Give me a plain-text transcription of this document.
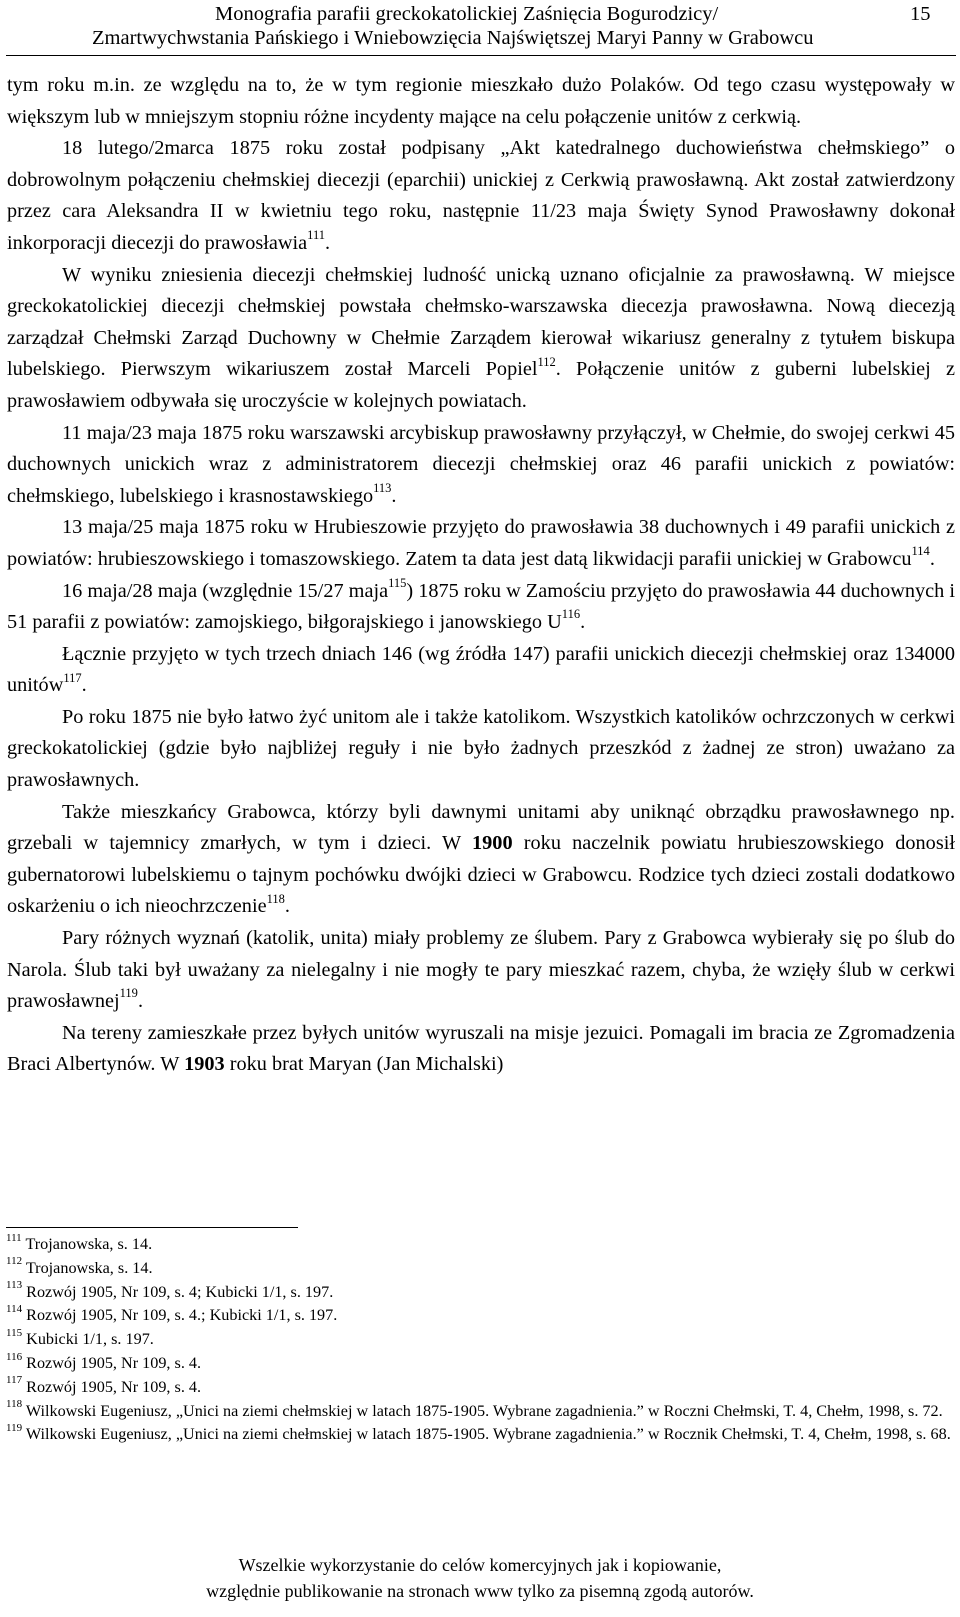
Monografia parafii greckokatolickiej Zaśnięcia Bogurodzicy/
Zmartwychwstania Pańskiego i Wniebowzięcia Najświętszej Maryi Panny w Grabowcu
15

tym roku m.in. ze względu na to, że w tym regionie mieszkało dużo Polaków. Od tego czasu występowały w większym lub w mniejszym stopniu różne incydenty mające na celu połączenie unitów z cerkwią.

18 lutego/2marca 1875 roku został podpisany „Akt katedralnego duchowieństwa chełmskiego” o dobrowolnym połączeniu chełmskiej diecezji (eparchii) unickiej z Cerkwią prawosławną. Akt został zatwierdzony przez cara Aleksandra II w kwietniu tego roku, następnie 11/23 maja Święty Synod Prawosławny dokonał inkorporacji diecezji do prawosławia$^{111}$.

W wyniku zniesienia diecezji chełmskiej ludność unicką uznano oficjalnie za prawosławną. W miejsce greckokatolickiej diecezji chełmskiej powstała chełmsko-warszawska diecezja prawosławna. Nową diecezją zarządzał Chełmski Zarząd Duchowny w Chełmie Zarządem kierował wikariusz generalny z tytułem biskupa lubelskiego. Pierwszym wikariuszem został Marceli Popiel$^{112}$. Połączenie unitów z guberni lubelskiej z prawosławiem odbywała się uroczyście w kolejnych powiatach.

11 maja/23 maja 1875 roku warszawski arcybiskup prawosławny przyłączył, w Chełmie, do swojej cerkwi 45 duchownych unickich wraz z administratorem diecezji chełmskiej oraz 46 parafii unickich z powiatów: chełmskiego, lubelskiego i krasnostawskiego$^{113}$.

13 maja/25 maja 1875 roku w Hrubieszowie przyjęto do prawosławia 38 duchownych i 49 parafii unickich z powiatów: hrubieszowskiego i tomaszowskiego. Zatem ta data jest datą likwidacji parafii unickiej w Grabowcu$^{114}$.

16 maja/28 maja (względnie 15/27 maja$^{115}$) 1875 roku w Zamościu przyjęto do prawosławia 44 duchownych i 51 parafii z powiatów: zamojskiego, biłgorajskiego i janowskiego $U^{116}$.

Łącznie przyjęto w tych trzech dniach 146 (wg źródła 147) parafii unickich diecezji chełmskiej oraz 134000 unitów$^{117}$.

Po roku 1875 nie było łatwo żyć unitom ale i także katolikom. Wszystkich katolików ochrzczonych w cerkwi greckokatolickiej (gdzie było najbliżej reguły i nie było żadnych przeszkód z żadnej ze stron) uważano za prawosławnych.

Także mieszkańcy Grabowca, którzy byli dawnymi unitami aby uniknąć obrządku prawosławnego np. grzebali w tajemnicy zmarłych, w tym i dzieci. W 1900 roku naczelnik powiatu hrubieszowskiego donosił gubernatorowi lubelskiemu o tajnym pochówku dwójki dzieci w Grabowcu. Rodzice tych dzieci zostali dodatkowo oskarżeniu o ich nieochrzczenie$^{118}$.

Pary różnych wyznań (katolik, unita) miały problemy ze ślubem. Pary z Grabowca wybierały się po ślub do Narola. Ślub taki był uważany za nielegalny i nie mogły te pary mieszkać razem, chyba, że wzięły ślub w cerkwi prawosławnej$^{119}$.

Na tereny zamieszkałe przez byłych unitów wyruszali na misje jezuici. Pomagali im bracia ze Zgromadzenia Braci Albertynów. W 1903 roku brat Maryan (Jan Michalski)

$^{111}$ Trojanowska, s. 14.

$^{112}$ Trojanowska, s. 14.

$^{113}$ Rozwój 1905, Nr 109, s. 4; Kubicki 1/1, s. 197.

$^{114}$ Rozwój 1905, Nr 109, s. 4.; Kubicki 1/1, s. 197.

$^{115}$ Kubicki 1/1, s. 197.

$^{116}$ Rozwój 1905, Nr 109, s. 4.

$^{117}$ Rozwój 1905, Nr 109, s. 4.

$^{118}$ Wilkowski Eugeniusz, „Unici na ziemi chełmskiej w latach 1875-1905. Wybrane zagadnienia.” w Roczni Chełmski, T. 4, Chełm, 1998, s. 72.

$^{119}$ Wilkowski Eugeniusz, „Unici na ziemi chełmskiej w latach 1875-1905. Wybrane zagadnienia.” w Rocznik Chełmski, T. 4, Chełm, 1998, s. 68.

Wszelkie wykorzystanie do celów komercyjnych jak i kopiowanie,
względnie publikowanie na stronach www tylko za pisemną zgodą autorów.
